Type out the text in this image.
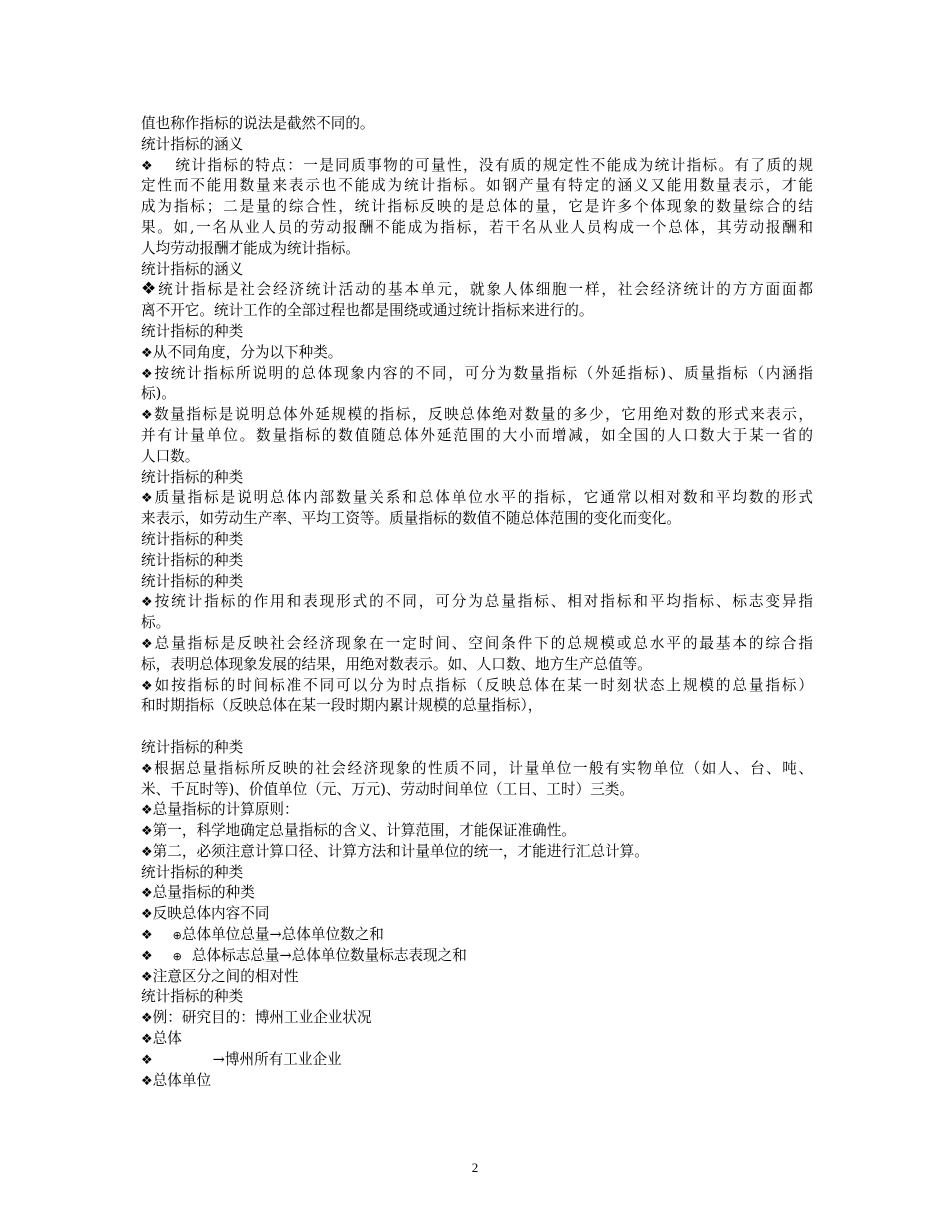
值也称作指标的说法是截然不同的。
统计指标的涵义
❖ 统计指标的特点：一是同质事物的可量性，没有质的规定性不能成为统计指标。有了质的规
定性而不能用数量来表示也不能成为统计指标。如钢产量有特定的涵义又能用数量表示，才能
成为指标；二是量的综合性，统计指标反映的是总体的量，它是许多个体现象的数量综合的结
果。如,一名从业人员的劳动报酬不能成为指标，若干名从业人员构成一个总体，其劳动报酬和
人均劳动报酬才能成为统计指标。
统计指标的涵义
❖统计指标是社会经济统计活动的基本单元，就象人体细胞一样，社会经济统计的方方面面都
离不开它。统计工作的全部过程也都是围绕或通过统计指标来进行的。
统计指标的种类
❖从不同角度，分为以下种类。
❖按统计指标所说明的总体现象内容的不同，可分为数量指标（外延指标)、质量指标（内涵指
标)。
❖数量指标是说明总体外延规模的指标，反映总体绝对数量的多少，它用绝对数的形式来表示，
并有计量单位。数量指标的数值随总体外延范围的大小而增减，如全国的人口数大于某一省的
人口数。
统计指标的种类
❖质量指标是说明总体内部数量关系和总体单位水平的指标，它通常以相对数和平均数的形式
来表示，如劳动生产率、平均工资等。质量指标的数值不随总体范围的变化而变化。
统计指标的种类
统计指标的种类
统计指标的种类
❖按统计指标的作用和表现形式的不同，可分为总量指标、相对指标和平均指标、标志变异指
标。
❖总量指标是反映社会经济现象在一定时间、空间条件下的总规模或总水平的最基本的综合指
标，表明总体现象发展的结果，用绝对数表示。如、人口数、地方生产总值等。
❖如按指标的时间标准不同可以分为时点指标（反映总体在某一时刻状态上规模的总量指标）
和时期指标（反映总体在某一段时期内累计规模的总量指标），
统计指标的种类
❖根据总量指标所反映的社会经济现象的性质不同，计量单位一般有实物单位（如人、台、吨、
米、千瓦时等)、价值单位（元、万元)、劳动时间单位（工日、工时）三类。
❖总量指标的计算原则：
❖第一，科学地确定总量指标的含义、计算范围，才能保证准确性。
❖第二，必须注意计算口径、计算方法和计量单位的统一，才能进行汇总计算。
统计指标的种类
❖总量指标的种类
❖反映总体内容不同
❖ ⊕总体单位总量→总体单位数之和
❖ ⊕ 总体标志总量→总体单位数量标志表现之和
❖注意区分之间的相对性
统计指标的种类
❖例：研究目的：博州工业企业状况
❖总体
❖	→博州所有工业企业
❖总体单位
2
